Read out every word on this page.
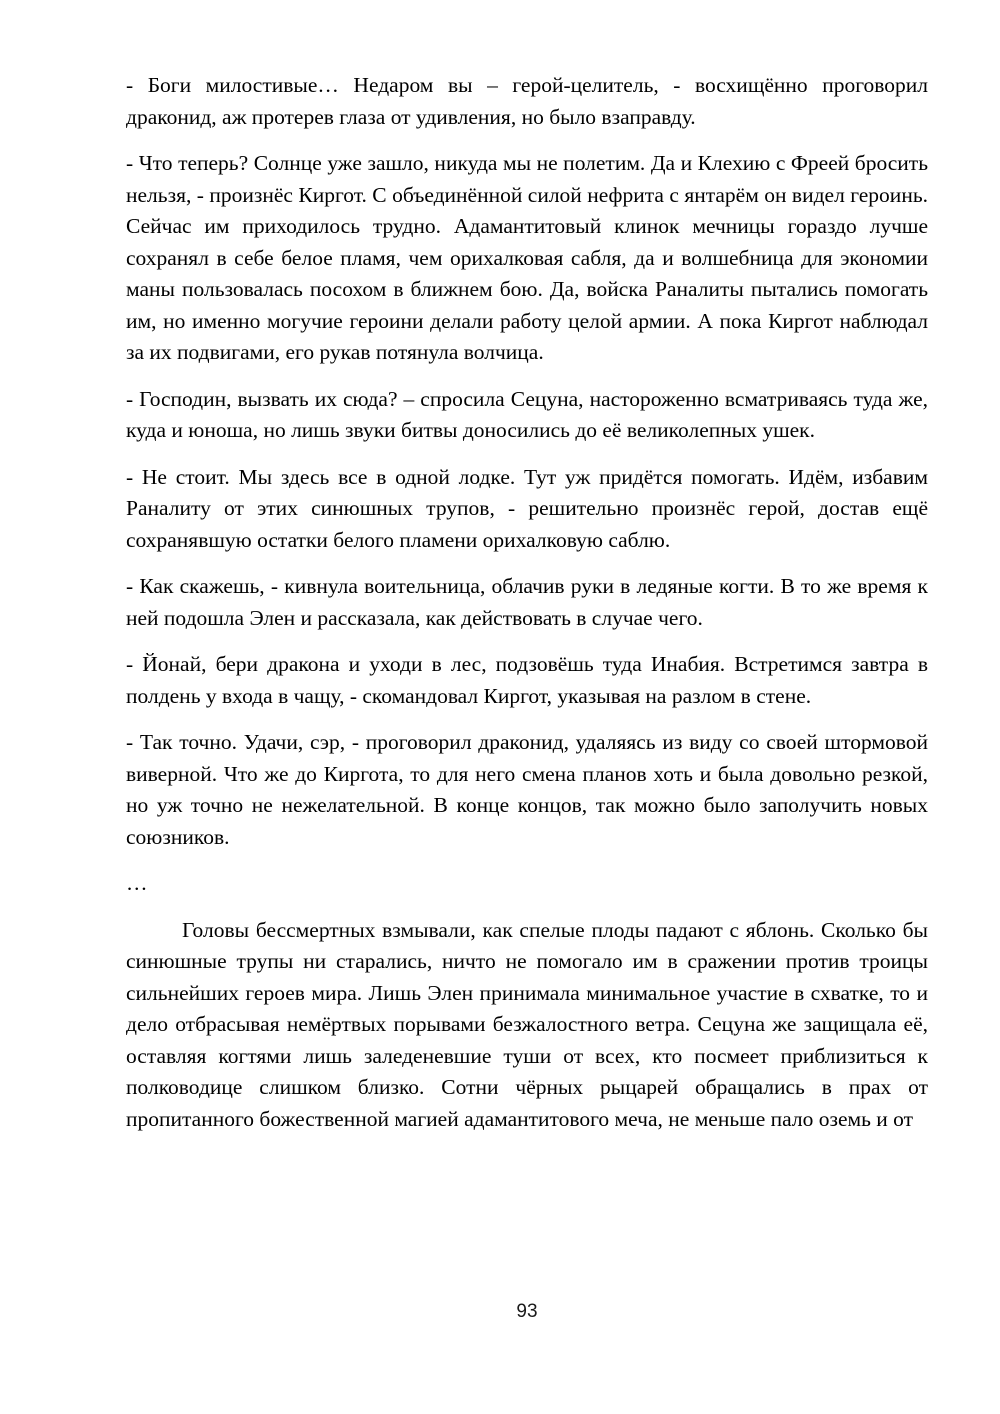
- Боги милостивые… Недаром вы – герой-целитель, - восхищённо проговорил драконид, аж протерев глаза от удивления, но было взаправду.

- Что теперь? Солнце уже зашло, никуда мы не полетим. Да и Клехию с Фреей бросить нельзя, - произнёс Киргот. С объединённой силой нефрита с янтарём он видел героинь. Сейчас им приходилось трудно. Адамантитовый клинок мечницы гораздо лучше сохранял в себе белое пламя, чем орихалковая сабля, да и волшебница для экономии маны пользовалась посохом в ближнем бою. Да, войска Раналиты пытались помогать им, но именно могучие героини делали работу целой армии. А пока Киргот наблюдал за их подвигами, его рукав потянула волчица.

- Господин, вызвать их сюда? – спросила Сецуна, настороженно всматриваясь туда же, куда и юноша, но лишь звуки битвы доносились до её великолепных ушек.

- Не стоит. Мы здесь все в одной лодке. Тут уж придётся помогать. Идём, избавим Раналиту от этих синюшных трупов, - решительно произнёс герой, достав ещё сохранявшую остатки белого пламени орихалковую саблю.

- Как скажешь, - кивнула воительница, облачив руки в ледяные когти. В то же время к ней подошла Элен и рассказала, как действовать в случае чего.

- Йонай, бери дракона и уходи в лес, подзовёшь туда Инабия. Встретимся завтра в полдень у входа в чащу, - скомандовал Киргот, указывая на разлом в стене.

- Так точно. Удачи, сэр, - проговорил драконид, удаляясь из виду со своей штормовой виверной. Что же до Киргота, то для него смена планов хоть и была довольно резкой, но уж точно не нежелательной. В конце концов, так можно было заполучить новых союзников.

…

Головы бессмертных взмывали, как спелые плоды падают с яблонь. Сколько бы синюшные трупы ни старались, ничто не помогало им в сражении против троицы сильнейших героев мира. Лишь Элен принимала минимальное участие в схватке, то и дело отбрасывая немёртвых порывами безжалостного ветра. Сецуна же защищала её, оставляя когтями лишь заледеневшие туши от всех, кто посмеет приблизиться к полководице слишком близко. Сотни чёрных рыцарей обращались в прах от пропитанного божественной магией адамантитового меча, не меньше пало оземь и от

93
